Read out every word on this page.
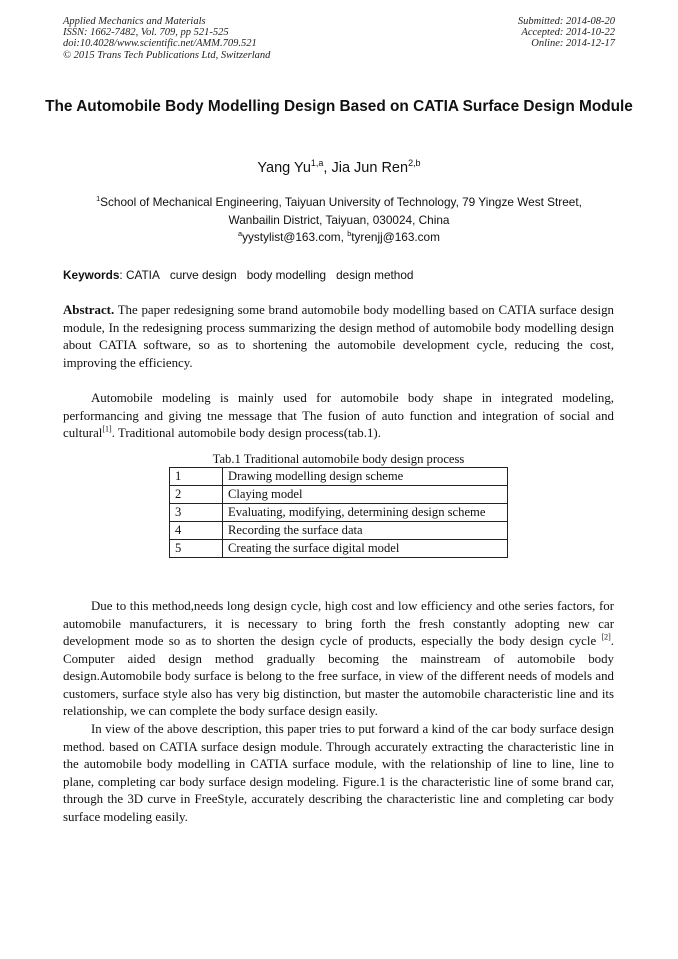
Applied Mechanics and Materials
ISSN: 1662-7482, Vol. 709, pp 521-525
doi:10.4028/www.scientific.net/AMM.709.521
© 2015 Trans Tech Publications Ltd, Switzerland
Submitted: 2014-08-20
Accepted: 2014-10-22
Online: 2014-12-17
The Automobile Body Modelling Design Based on CATIA Surface Design Module
Yang Yu$^{1,a}$, Jia Jun Ren$^{2,b}$
$^1$School of Mechanical Engineering, Taiyuan University of Technology, 79 Yingze West Street,
Wanbailin District, Taiyuan, 030024, China
$^a$yystylist@163.com, $^b$tyrenjj@163.com
Keywords: CATIA curve design body modelling design method

Abstract. The paper redesigning some brand automobile body modelling based on CATIA surface design module, In the redesigning process summarizing the design method of automobile body modelling design about CATIA software, so as to shortening the automobile development cycle, reducing the cost, improving the efficiency.

Automobile modeling is mainly used for automobile body shape in integrated modeling, performancing and giving tne message that The fusion of auto function and integration of social and cultural[1]. Traditional automobile body design process(tab.1).

Tab.1 Traditional automobile body design process
1	Drawing modelling design scheme
2	Claying model
3	Evaluating, modifying, determining design scheme
4	Recording the surface data
5	Creating the surface digital model

Due to this method,needs long design cycle, high cost and low efficiency and othe series factors, for automobile manufacturers, it is necessary to bring forth the fresh constantly adopting new car development mode so as to shorten the design cycle of products, especially the body design cycle [2]. Computer aided design method gradually becoming the mainstream of automobile body design.Automobile body surface is belong to the free surface, in view of the different needs of models and customers, surface style also has very big distinction, but master the automobile characteristic line and its relationship, we can complete the body surface design easily.

In view of the above description, this paper tries to put forward a kind of the car body surface design method. based on CATIA surface design module. Through accurately extracting the characteristic line in the automobile body modelling in CATIA surface module, with the relationship of line to line, line to plane, completing car body surface design modeling. Figure.1 is the characteristic line of some brand car, through the 3D curve in FreeStyle, accurately describing the characteristic line and completing car body surface modeling easily.
